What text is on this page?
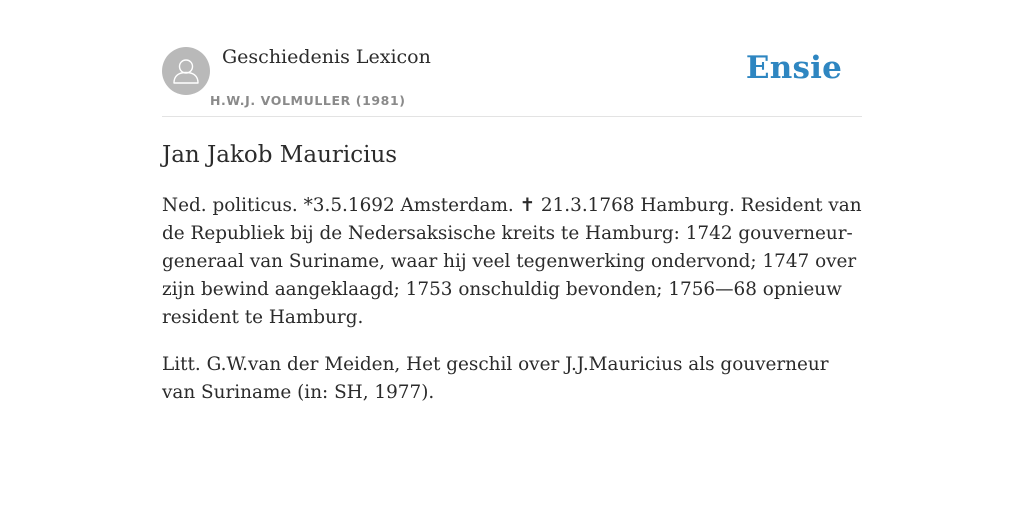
Geschiedenis Lexicon
H.W.J. VOLMULLER (1981)
Ensie
Jan Jakob Mauricius

Ned. politicus. *3.5.1692 Amsterdam. ✝ 21.3.1768 Hamburg. Resident van de Republiek bij de Nedersaksische kreits te Hamburg: 1742 gouverneur-generaal van Suriname, waar hij veel tegenwerking ondervond; 1747 over zijn bewind aangeklaagd; 1753 onschuldig bevonden; 1756—68 opnieuw resident te Hamburg.

Litt. G.W.van der Meiden, Het geschil over J.J.Mauricius als gouverneur van Suriname (in: SH, 1977).
